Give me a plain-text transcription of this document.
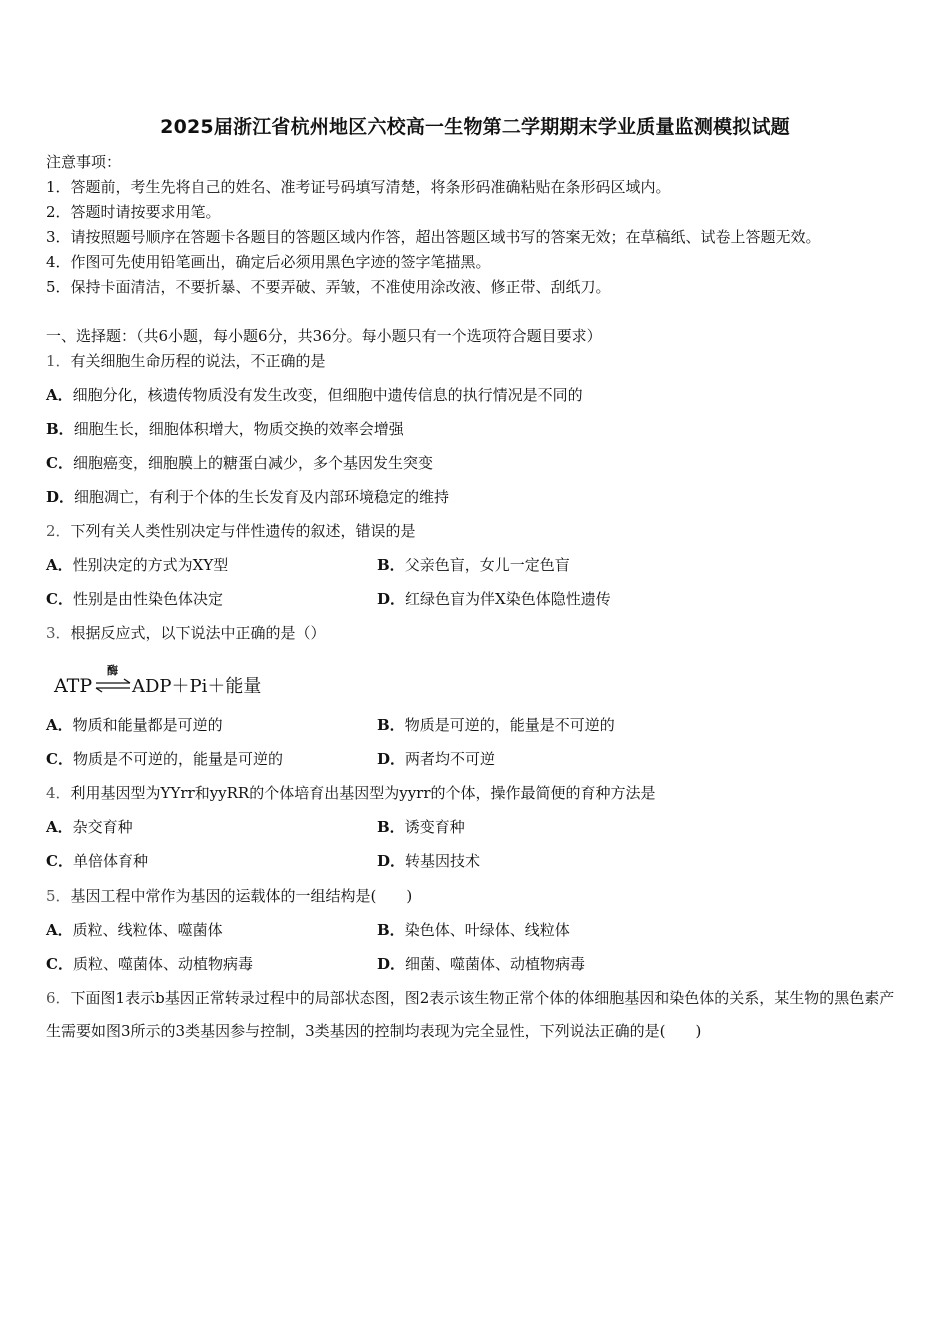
2025届浙江省杭州地区六校高一生物第二学期期末学业质量监测模拟试题
注意事项：
1．答题前，考生先将自己的姓名、准考证号码填写清楚，将条形码准确粘贴在条形码区域内。
2．答题时请按要求用笔。
3．请按照题号顺序在答题卡各题目的答题区域内作答，超出答题区域书写的答案无效；在草稿纸、试卷上答题无效。
4．作图可先使用铅笔画出，确定后必须用黑色字迹的签字笔描黑。
5．保持卡面清洁，不要折暴、不要弄破、弄皱，不准使用涂改液、修正带、刮纸刀。
一、选择题：（共6小题，每小题6分，共36分。每小题只有一个选项符合题目要求）
1．有关细胞生命历程的说法，不正确的是
A．细胞分化，核遗传物质没有发生改变，但细胞中遗传信息的执行情况是不同的
B．细胞生长，细胞体积增大，物质交换的效率会增强
C．细胞癌变，细胞膜上的糖蛋白减少，多个基因发生突变
D．细胞凋亡，有利于个体的生长发育及内部环境稳定的维持
2．下列有关人类性别决定与伴性遗传的叙述，错误的是
A．性别决定的方式为XY型	B．父亲色盲，女儿一定色盲
C．性别是由性染色体决定	D．红绿色盲为伴X染色体隐性遗传
3．根据反应式，以下说法中正确的是（）
ATP
酶
ADP＋Pi＋能量
A．物质和能量都是可逆的	B．物质是可逆的，能量是不可逆的
C．物质是不可逆的，能量是可逆的	D．两者均不可逆
4．利用基因型为YYrr和yyRR的个体培育出基因型为yyrr的个体，操作最简便的育种方法是
A．杂交育种	B．诱变育种
C．单倍体育种	D．转基因技术
5．基因工程中常作为基因的运载体的一组结构是(　　)
A．质粒、线粒体、噬菌体	B．染色体、叶绿体、线粒体
C．质粒、噬菌体、动植物病毒	D．细菌、噬菌体、动植物病毒
6．下面图1表示b基因正常转录过程中的局部状态图，图2表示该生物正常个体的体细胞基因和染色体的关系，某生物的黑色素产生需要如图3所示的3类基因参与控制，3类基因的控制均表现为完全显性，下列说法正确的是(　　)
